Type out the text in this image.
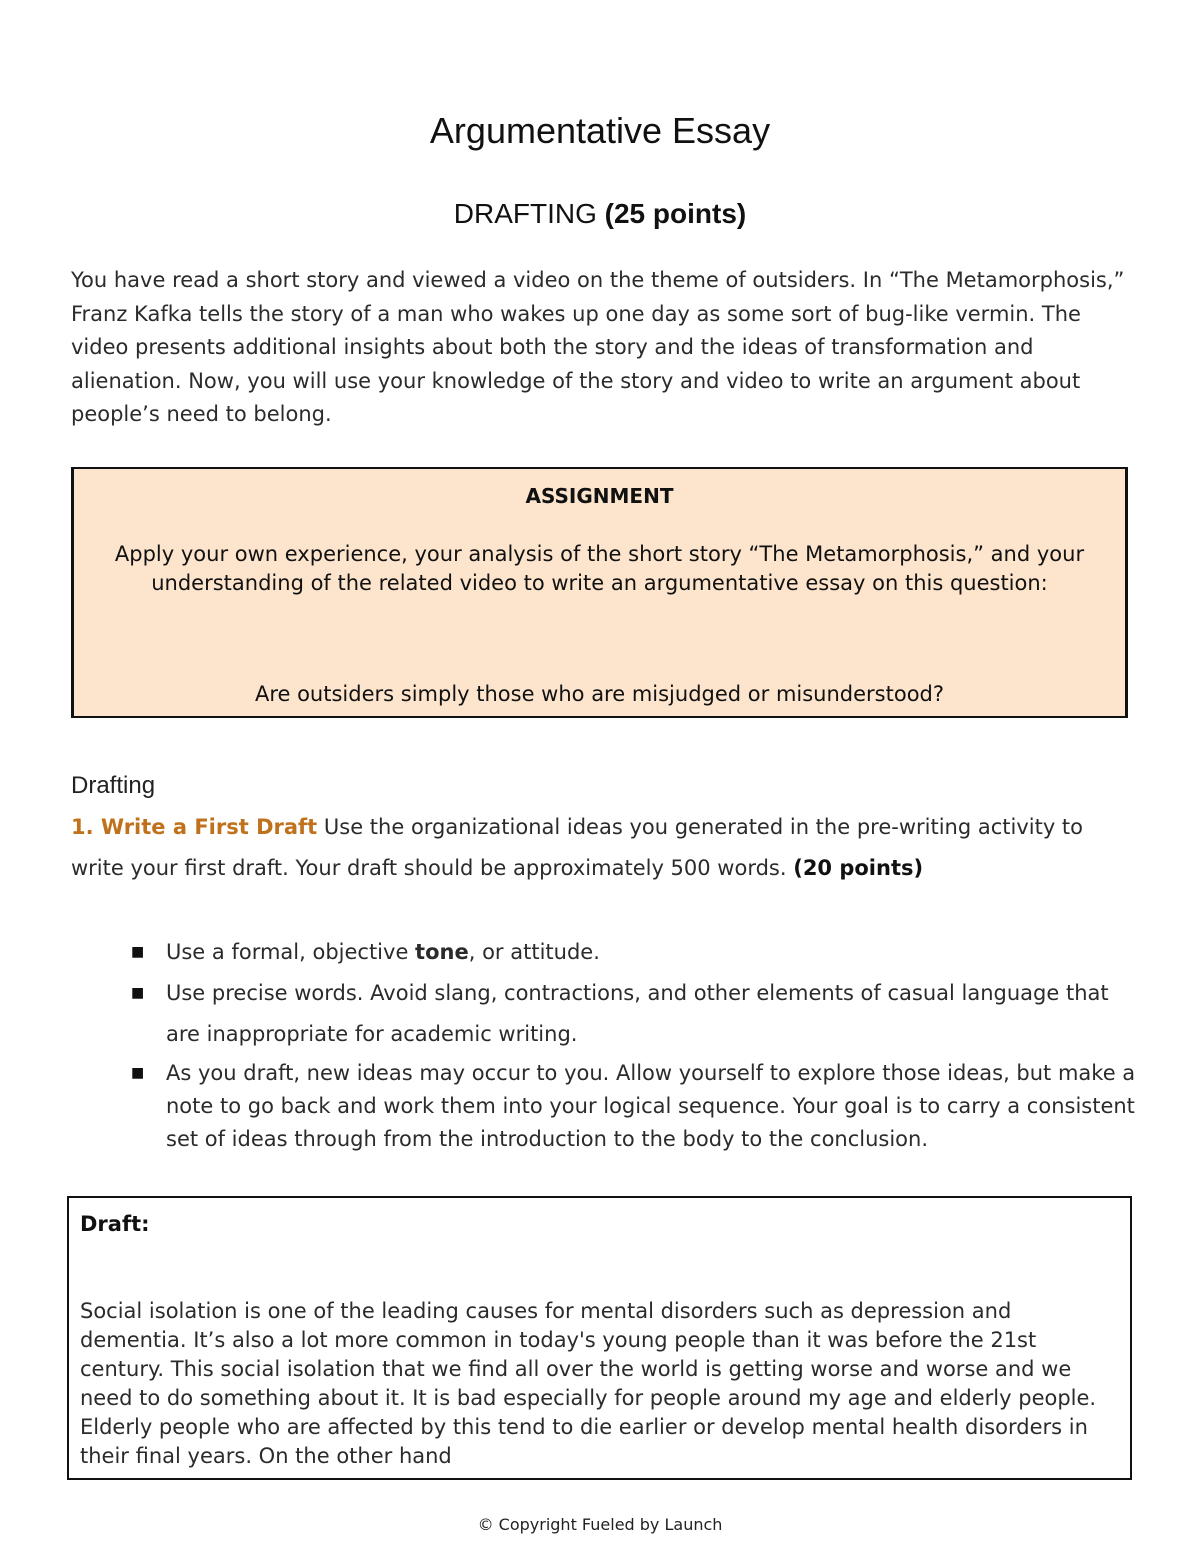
Argumentative Essay
DRAFTING (25 points)

You have read a short story and viewed a video on the theme of outsiders. In “The Metamorphosis,” Franz Kafka tells the story of a man who wakes up one day as some sort of bug-like vermin. The video presents additional insights about both the story and the ideas of transformation and alienation. Now, you will use your knowledge of the story and video to write an argument about people’s need to belong.

ASSIGNMENT

Apply your own experience, your analysis of the short story “The Metamorphosis,” and your understanding of the related video to write an argumentative essay on this question:

Are outsiders simply those who are misjudged or misunderstood?

Drafting

1. Write a First Draft Use the organizational ideas you generated in the pre-writing activity to write your first draft. Your draft should be approximately 500 words. (20 points)

■ Use a formal, objective tone, or attitude.
■ Use precise words. Avoid slang, contractions, and other elements of casual language that are inappropriate for academic writing.
■ As you draft, new ideas may occur to you. Allow yourself to explore those ideas, but make a note to go back and work them into your logical sequence. Your goal is to carry a consistent set of ideas through from the introduction to the body to the conclusion.
Draft:

Social isolation is one of the leading causes for mental disorders such as depression and dementia. It’s also a lot more common in today's young people than it was before the 21st century. This social isolation that we find all over the world is getting worse and worse and we need to do something about it. It is bad especially for people around my age and elderly people. Elderly people who are affected by this tend to die earlier or develop mental health disorders in their final years. On the other hand

© Copyright Fueled by Launch
